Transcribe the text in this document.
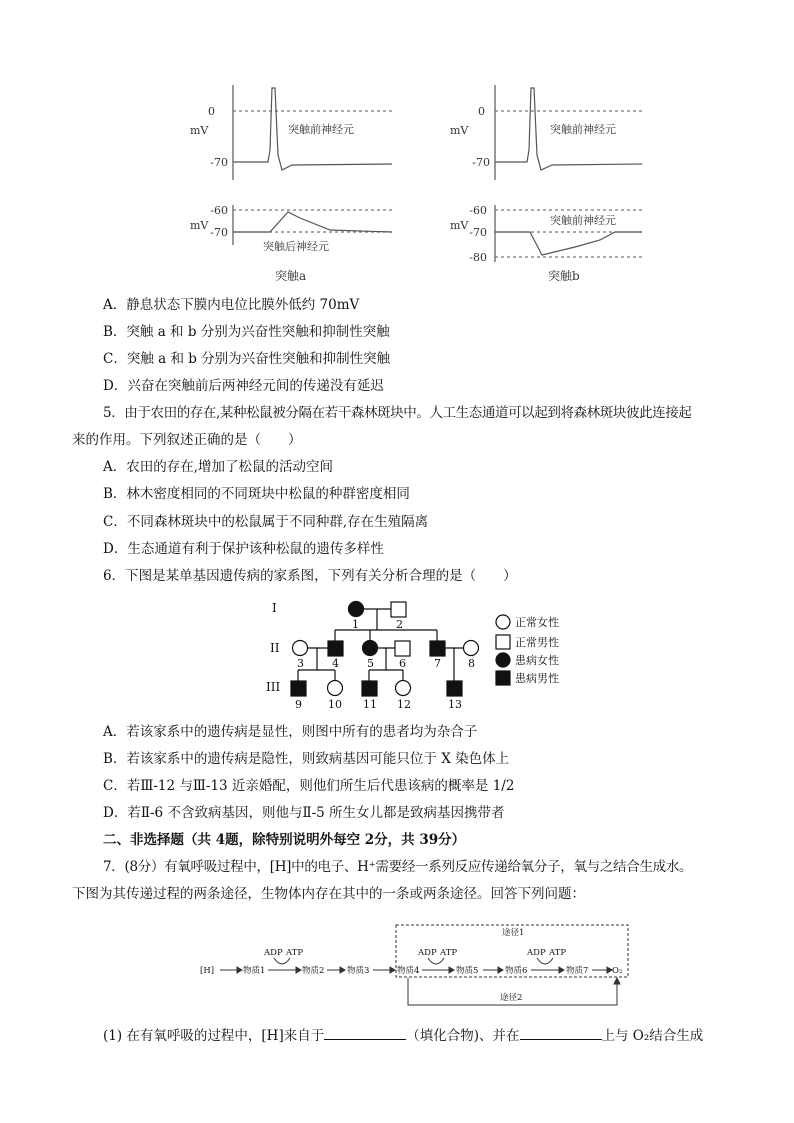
0
-70
mV	突触前神经元
-60
-70
mV
突触后神经元
突触a
0
-70
mV	突触前神经元
-60
-70
-80
mV	突触前神经元
突触b
A．静息状态下膜内电位比膜外低约 70mV
B．突触 a 和 b 分别为兴奋性突触和抑制性突触
C．突触 a 和 b 分别为兴奋性突触和抑制性突触
D．兴奋在突触前后两神经元间的传递没有延迟
5．由于农田的存在,某种松鼠被分隔在若干森林斑块中。人工生态通道可以起到将森林斑块彼此连接起
来的作用。下列叙述正确的是（　　）
A．农田的存在,增加了松鼠的活动空间
B．林木密度相同的不同斑块中松鼠的种群密度相同
C．不同森林斑块中的松鼠属于不同种群,存在生殖隔离
D．生态通道有利于保护该种松鼠的遗传多样性
6．下图是某单基因遗传病的家系图，下列有关分析合理的是（　　）
I
II
III
1	2
3	4	5 6	7 8
9 10 11 12	13
正常女性
正常男性
患病女性
患病男性
A．若该家系中的遗传病是显性，则图中所有的患者均为杂合子
B．若该家系中的遗传病是隐性，则致病基因可能只位于 X 染色体上
C．若Ⅲ-12 与Ⅲ-13 近亲婚配，则他们所生后代患该病的概率是 1/2
D．若Ⅱ-6 不含致病基因，则他与Ⅱ-5 所生女儿都是致病基因携带者
二、非选择题（共 4题，除特别说明外每空 2分，共 39分）
7．(8分）有氧呼吸过程中，[H]中的电子、H⁺需要经一系列反应传递给氧分子，氧与之结合生成水。
下图为其传递过程的两条途径，生物体内存在其中的一条或两条途径。回答下列问题：
途径1
途径2
[H]	物质1	物质2	物质3	物质4	物质5	物质6	物质7	O₂
ADP ATP	ADP ATP	ADP ATP
(1) 在有氧呼吸的过程中，[H]来自于	（填化合物)、并在	上与 O₂结合生成
